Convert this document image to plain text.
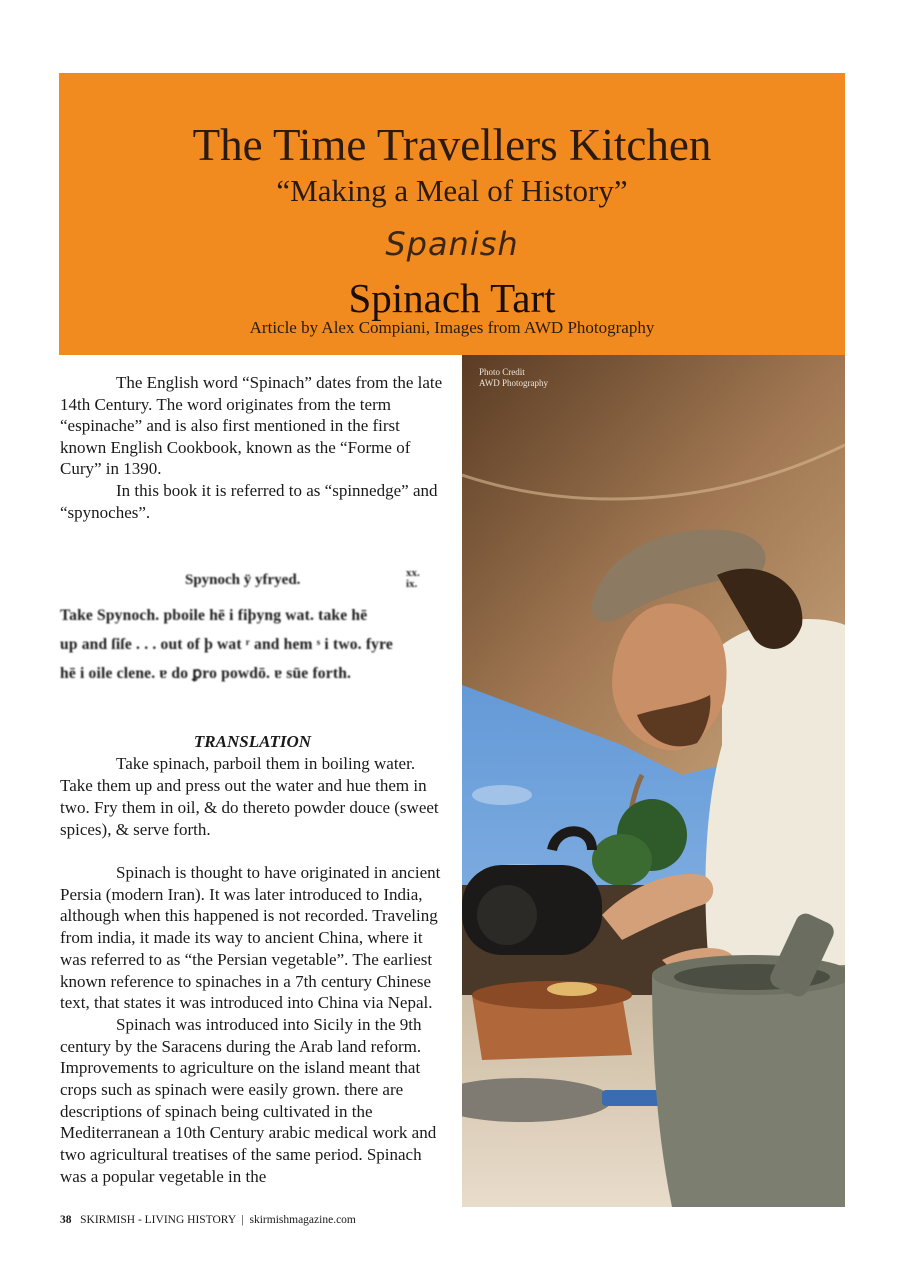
The Time Travellers Kitchen
“Making a Meal of History”
Spanish
Spinach Tart
Article by Alex Compiani, Images from AWD Photography
Photo Credit
AWD Photography

The English word “Spinach” dates from the late 14th Century. The word originates from the term “espinache” and is also first mentioned in the first known English Cookbook, known as the “Forme of Cury” in 1390.

In this book it is referred to as “spinnedge” and “spynoches”.

Spynoch ÿ yfryed.	xx. ix.
Take Spynoch. pboile hē i fiþyng wat. take hē
up and ſiſe . . . out of þ wat ʳ and hem ˢ i two. fyre
hē i oile clene. ɐ do ꝑro powdō. ɐ sūe forth.

TRANSLATION

Take spinach, parboil them in boiling water. Take them up and press out the water and hue them in two. Fry them in oil, & do thereto powder douce (sweet spices), & serve forth.

Spinach is thought to have originated in ancient Persia (modern Iran). It was later introduced to India, although when this happened is not recorded. Traveling from india, it made its way to ancient China, where it was referred to as “the Persian vegetable”. The earliest known reference to spinaches in a 7th century Chinese text, that states it was introduced into China via Nepal.

Spinach was introduced into Sicily in the 9th century by the Saracens during the Arab land reform. Improvements to agriculture on the island meant that crops such as spinach were easily grown. there are descriptions of spinach being cultivated in the Mediterranean a 10th Century arabic medical work and two agricultural treatises of the same period. Spinach was a popular vegetable in the

38 SKIRMISH - LIVING HISTORY | skirmishmagazine.com
